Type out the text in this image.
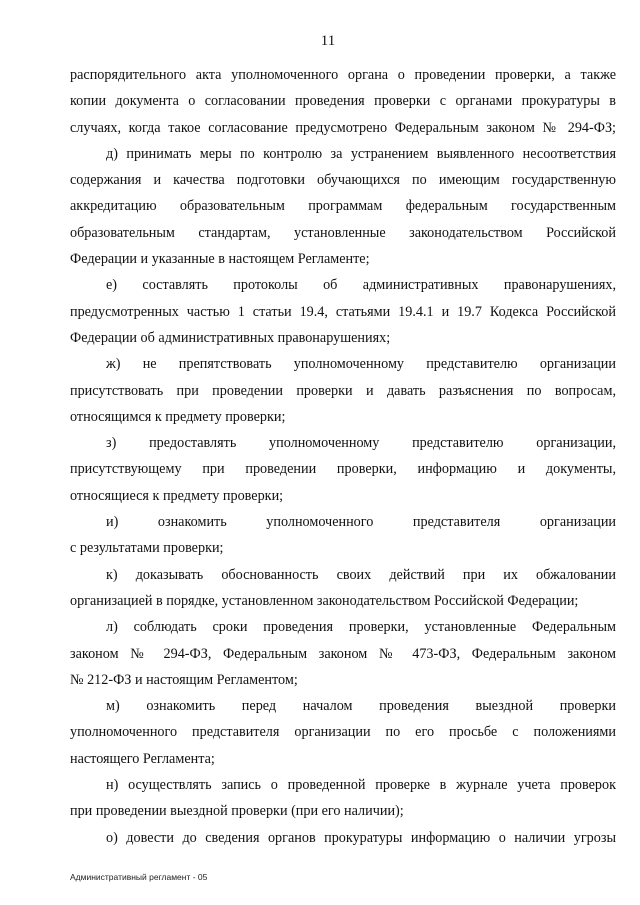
11

распорядительного акта уполномоченного органа о проведении проверки, а также
копии документа о согласовании проведения проверки с органами прокуратуры в
случаях, когда такое согласование предусмотрено Федеральным законом № 294-ФЗ;

д) принимать меры по контролю за устранением выявленного несоответствия
содержания и качества подготовки обучающихся по имеющим государственную
аккредитацию образовательным программам федеральным государственным
образовательным стандартам, установленные законодательством Российской
Федерации и указанные в настоящем Регламенте;

е) составлять протоколы об административных правонарушениях,
предусмотренных частью 1 статьи 19.4, статьями 19.4.1 и 19.7 Кодекса Российской
Федерации об административных правонарушениях;

ж) не препятствовать уполномоченному представителю организации
присутствовать при проведении проверки и давать разъяснения по вопросам,
относящимся к предмету проверки;

з) предоставлять уполномоченному представителю организации,
присутствующему при проведении проверки, информацию и документы,
относящиеся к предмету проверки;

и) ознакомить уполномоченного представителя организации
с результатами проверки;

к) доказывать обоснованность своих действий при их обжаловании
организацией в порядке, установленном законодательством Российской Федерации;

л) соблюдать сроки проведения проверки, установленные Федеральным
законом № 294-ФЗ, Федеральным законом № 473-ФЗ, Федеральным законом
№ 212-ФЗ и настоящим Регламентом;

м) ознакомить перед началом проведения выездной проверки
уполномоченного представителя организации по его просьбе с положениями
настоящего Регламента;

н) осуществлять запись о проведенной проверке в журнале учета проверок
при проведении выездной проверки (при его наличии);

о) довести до сведения органов прокуратуры информацию о наличии угрозы

Административный регламент - 05
